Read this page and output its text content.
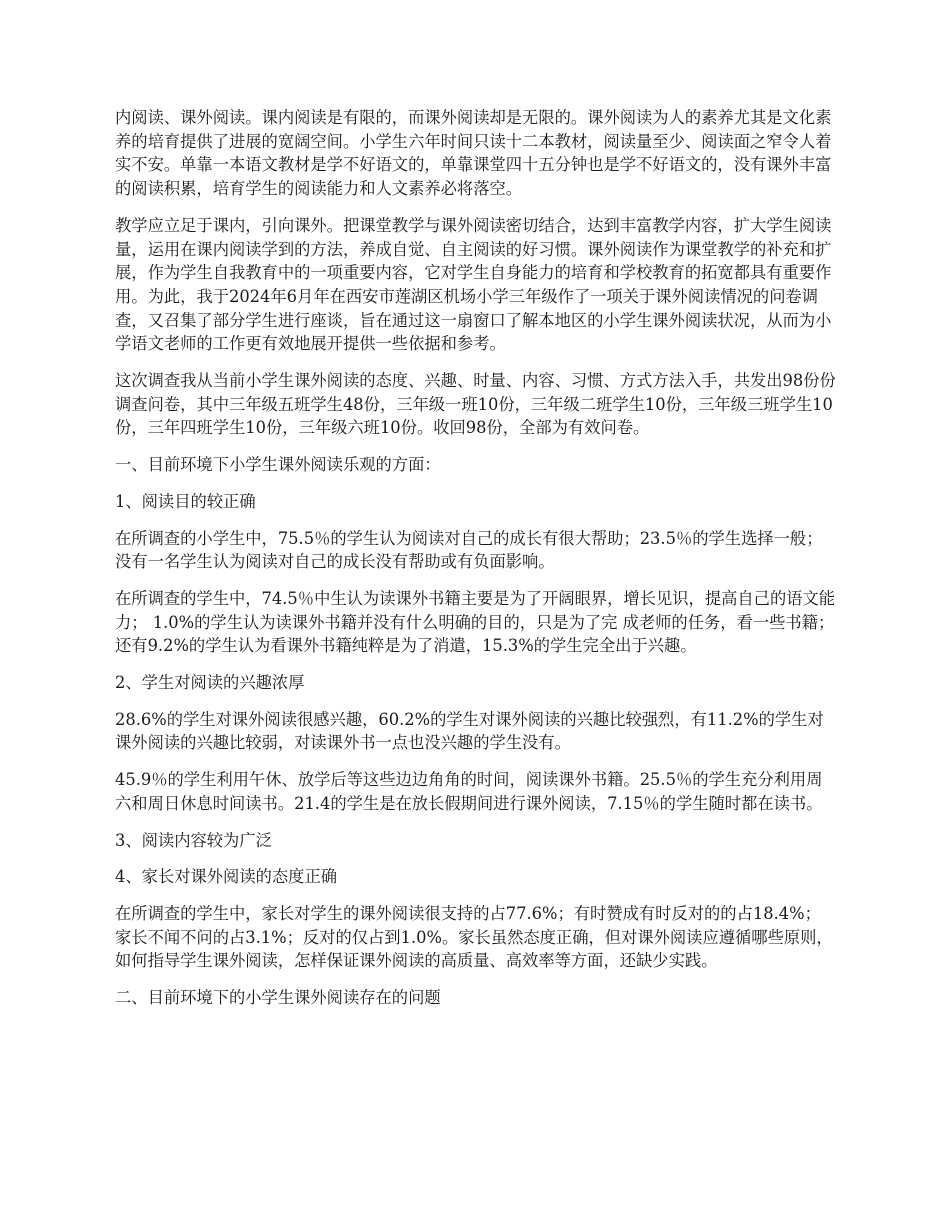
内阅读、课外阅读。课内阅读是有限的，而课外阅读却是无限的。课外阅读为人的素养尤其是文化素养的培育提供了进展的宽阔空间。小学生六年时间只读十二本教材，阅读量至少、阅读面之窄令人着实不安。单靠一本语文教材是学不好语文的，单靠课堂四十五分钟也是学不好语文的，没有课外丰富的阅读积累，培育学生的阅读能力和人文素养必将落空。

教学应立足于课内，引向课外。把课堂教学与课外阅读密切结合，达到丰富教学内容，扩大学生阅读量，运用在课内阅读学到的方法，养成自觉、自主阅读的好习惯。课外阅读作为课堂教学的补充和扩展，作为学生自我教育中的一项重要内容，它对学生自身能力的培育和学校教育的拓宽都具有重要作用。为此，我于2024年6月年在西安市莲湖区机场小学三年级作了一项关于课外阅读情况的问卷调查，又召集了部分学生进行座谈，旨在通过这一扇窗口了解本地区的小学生课外阅读状况，从而为小学语文老师的工作更有效地展开提供一些依据和参考。

这次调查我从当前小学生课外阅读的态度、兴趣、时量、内容、习惯、方式方法入手，共发出98份份调查问卷，其中三年级五班学生48份，三年级一班10份，三年级二班学生10份，三年级三班学生10份，三年四班学生10份，三年级六班10份。收回98份，全部为有效问卷。

一、目前环境下小学生课外阅读乐观的方面：

1、阅读目的较正确

在所调查的小学生中，75.5％的学生认为阅读对自己的成长有很大帮助；23.5％的学生选择一般；没有一名学生认为阅读对自己的成长没有帮助或有负面影响。

在所调查的学生中，74.5％中生认为读课外书籍主要是为了开阔眼界，增长见识，提高自己的语文能力； 1.0%的学生认为读课外书籍并没有什么明确的目的，只是为了完 成老师的任务，看一些书籍；还有9.2%的学生认为看课外书籍纯粹是为了消遣，15.3%的学生完全出于兴趣。

2、学生对阅读的兴趣浓厚

28.6%的学生对课外阅读很感兴趣，60.2%的学生对课外阅读的兴趣比较强烈，有11.2%的学生对课外阅读的兴趣比较弱，对读课外书一点也没兴趣的学生没有。

45.9％的学生利用午休、放学后等这些边边角角的时间，阅读课外书籍。25.5％的学生充分利用周六和周日休息时间读书。21.4的学生是在放长假期间进行课外阅读，7.15％的学生随时都在读书。

3、阅读内容较为广泛

4、家长对课外阅读的态度正确

在所调查的学生中，家长对学生的课外阅读很支持的占77.6%；有时赞成有时反对的的占18.4%；家长不闻不问的占3.1%；反对的仅占到1.0%。家长虽然态度正确，但对课外阅读应遵循哪些原则，如何指导学生课外阅读，怎样保证课外阅读的高质量、高效率等方面，还缺少实践。

二、目前环境下的小学生课外阅读存在的问题
